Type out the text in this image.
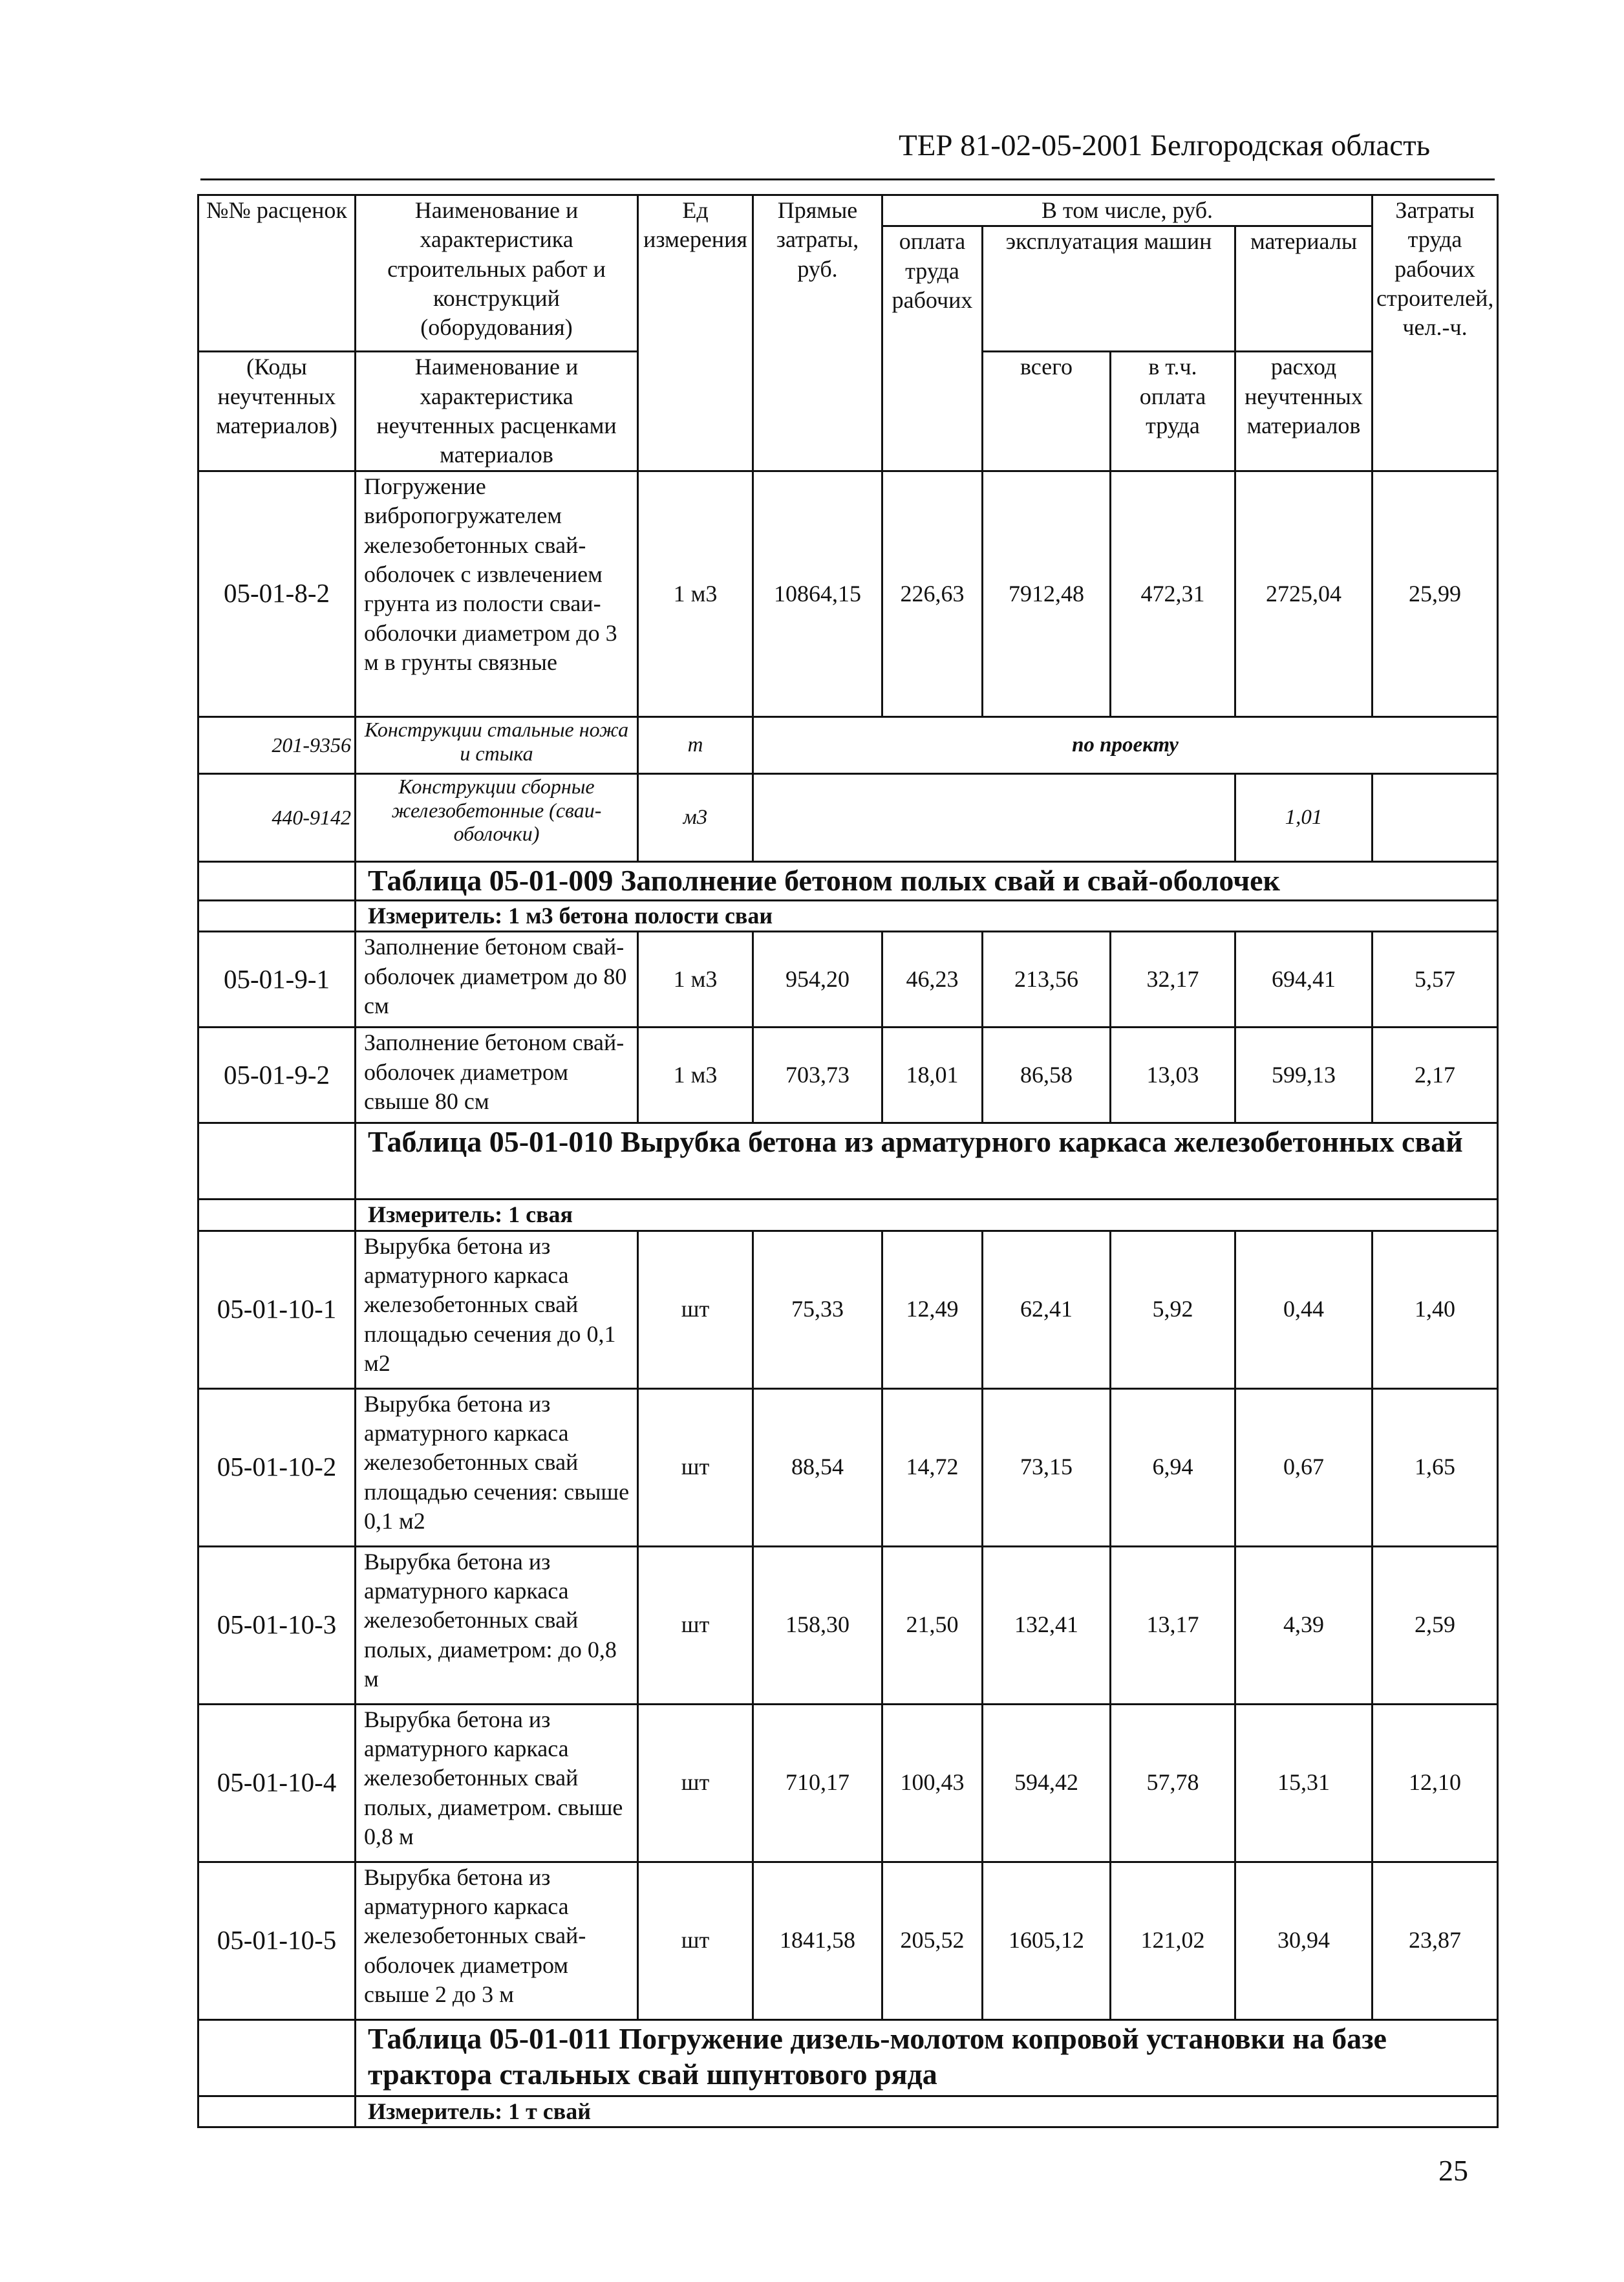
ТЕР 81-02-05-2001 Белгородская область
№№ расценок	Наименование и характеристика строительных работ и конструкций (оборудования)	Ед измерения	Прямые затраты, руб.	В том числе, руб.				Затраты труда рабочих строителей, чел.-ч.
				оплата труда рабочих	эксплуатация машин		материалы	

(Коды неучтенных материалов)	Наименование и характеристика неучтенных расценками материалов				всего	в т.ч. оплата труда	расход неучтенных материалов	

05-01-8-2	Погружение вибропогружателем железобетонных свай-оболочек с извлечением грунта из полости сваи-оболочки диаметром до 3 м в грунты связные	1 м3	10864,15	226,63	7912,48	472,31	2725,04	25,99
201-9356	Конструкции стальные ножа и стыка	т	по проекту					
440-9142	Конструкции сборные железобетонные (сваи-оболочки)	м3					1,01	
	Таблица 05-01-009 Заполнение бетоном полых свай и свай-оболочек							
	Измеритель: 1 м3 бетона полости сваи							
05-01-9-1	Заполнение бетоном свай-оболочек диаметром до 80 см	1 м3	954,20	46,23	213,56	32,17	694,41	5,57
05-01-9-2	Заполнение бетоном свай-оболочек диаметром свыше 80 см	1 м3	703,73	18,01	86,58	13,03	599,13	2,17
	Таблица 05-01-010 Вырубка бетона из арматурного каркаса железобетонных свай							
	Измеритель: 1 свая							
05-01-10-1	Вырубка бетона из арматурного каркаса железобетонных свай площадью сечения до 0,1 м2	шт	75,33	12,49	62,41	5,92	0,44	1,40
05-01-10-2	Вырубка бетона из арматурного каркаса железобетонных свай площадью сечения: свыше 0,1 м2	шт	88,54	14,72	73,15	6,94	0,67	1,65
05-01-10-3	Вырубка бетона из арматурного каркаса железобетонных свай полых, диаметром: до 0,8 м	шт	158,30	21,50	132,41	13,17	4,39	2,59
05-01-10-4	Вырубка бетона из арматурного каркаса железобетонных свай полых, диаметром. свыше 0,8 м	шт	710,17	100,43	594,42	57,78	15,31	12,10
05-01-10-5	Вырубка бетона из арматурного каркаса железобетонных свай-оболочек диаметром свыше 2 до 3 м	шт	1841,58	205,52	1605,12	121,02	30,94	23,87
	Таблица 05-01-011 Погружение дизель-молотом копровой установки на базе трактора стальных свай шпунтового ряда							
	Измеритель: 1 т свай							
25
